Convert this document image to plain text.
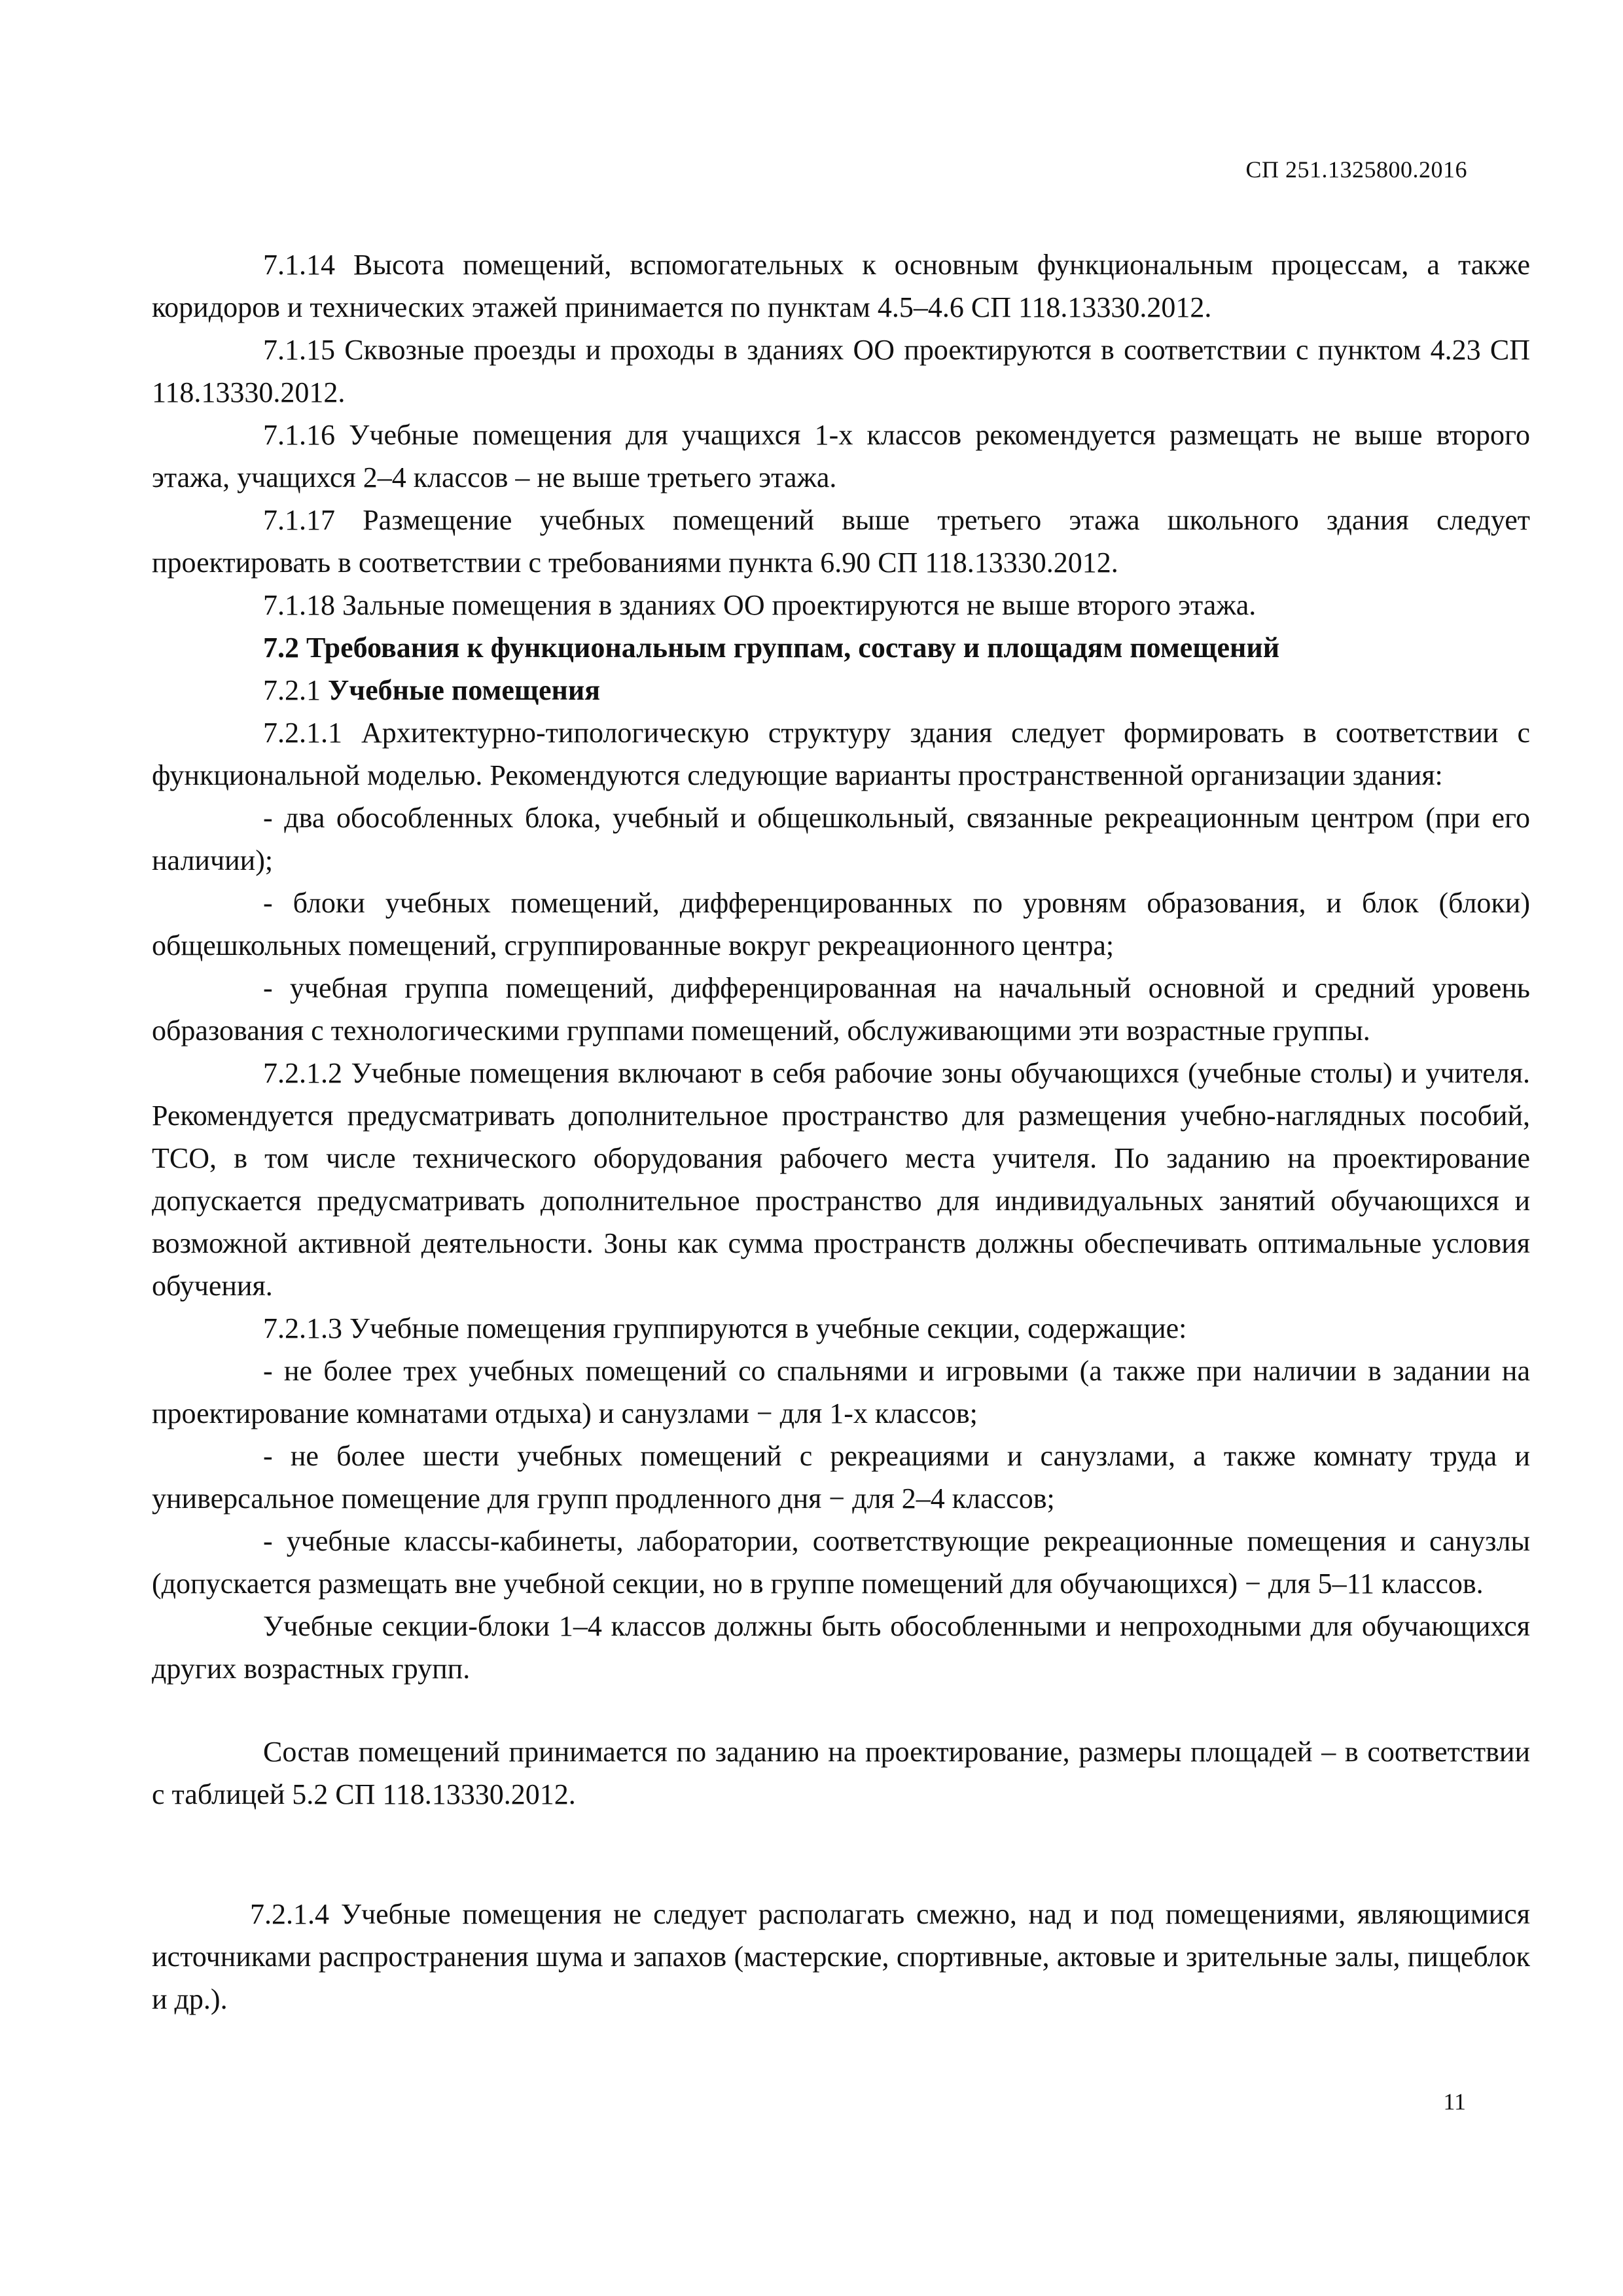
СП 251.1325800.2016

7.1.14 Высота помещений, вспомогательных к основным функциональным процессам, а также коридоров и технических этажей принимается по пунктам 4.5–4.6 СП 118.13330.2012.

7.1.15 Сквозные проезды и проходы в зданиях ОО проектируются в соответствии с пунктом 4.23 СП 118.13330.2012.

7.1.16 Учебные помещения для учащихся 1-х классов рекомендуется размещать не выше второго этажа, учащихся 2–4 классов – не выше третьего этажа.

7.1.17 Размещение учебных помещений выше третьего этажа школьного здания следует проектировать в соответствии с требованиями пункта 6.90 СП 118.13330.2012.

7.1.18 Зальные помещения в зданиях ОО проектируются не выше второго этажа.

7.2 Требования к функциональным группам, составу и площадям помещений

7.2.1 Учебные помещения

7.2.1.1 Архитектурно-типологическую структуру здания следует формировать в соответствии с функциональной моделью. Рекомендуются следующие варианты пространственной организации здания:

- два обособленных блока, учебный и общешкольный, связанные рекреационным центром (при его наличии);

- блоки учебных помещений, дифференцированных по уровням образования, и блок (блоки) общешкольных помещений, сгруппированные вокруг рекреационного центра;

- учебная группа помещений, дифференцированная на начальный основной и средний уровень образования с технологическими группами помещений, обслуживающими эти возрастные группы.

7.2.1.2 Учебные помещения включают в себя рабочие зоны обучающихся (учебные столы) и учителя. Рекомендуется предусматривать дополнительное пространство для размещения учебно-наглядных пособий, ТСО, в том числе технического оборудования рабочего места учителя. По заданию на проектирование допускается предусматривать дополнительное пространство для индивидуальных занятий обучающихся и возможной активной деятельности. Зоны как сумма пространств должны обеспечивать оптимальные условия обучения.

7.2.1.3 Учебные помещения группируются в учебные секции, содержащие:

- не более трех учебных помещений со спальнями и игровыми (а также при наличии в задании на проектирование комнатами отдыха) и санузлами − для 1-х классов;

- не более шести учебных помещений с рекреациями и санузлами, а также комнату труда и универсальное помещение для групп продленного дня − для 2–4 классов;

- учебные классы-кабинеты, лаборатории, соответствующие рекреационные помещения и санузлы (допускается размещать вне учебной секции, но в группе помещений для обучающихся) − для 5–11 классов.

Учебные секции-блоки 1–4 классов должны быть обособленными и непроходными для обучающихся других возрастных групп.

Состав помещений принимается по заданию на проектирование, размеры площадей – в соответствии с таблицей 5.2 СП 118.13330.2012.

7.2.1.4 Учебные помещения не следует располагать смежно, над и под помещениями, являющимися источниками распространения шума и запахов (мастерские, спортивные, актовые и зрительные залы, пищеблок и др.).

11
